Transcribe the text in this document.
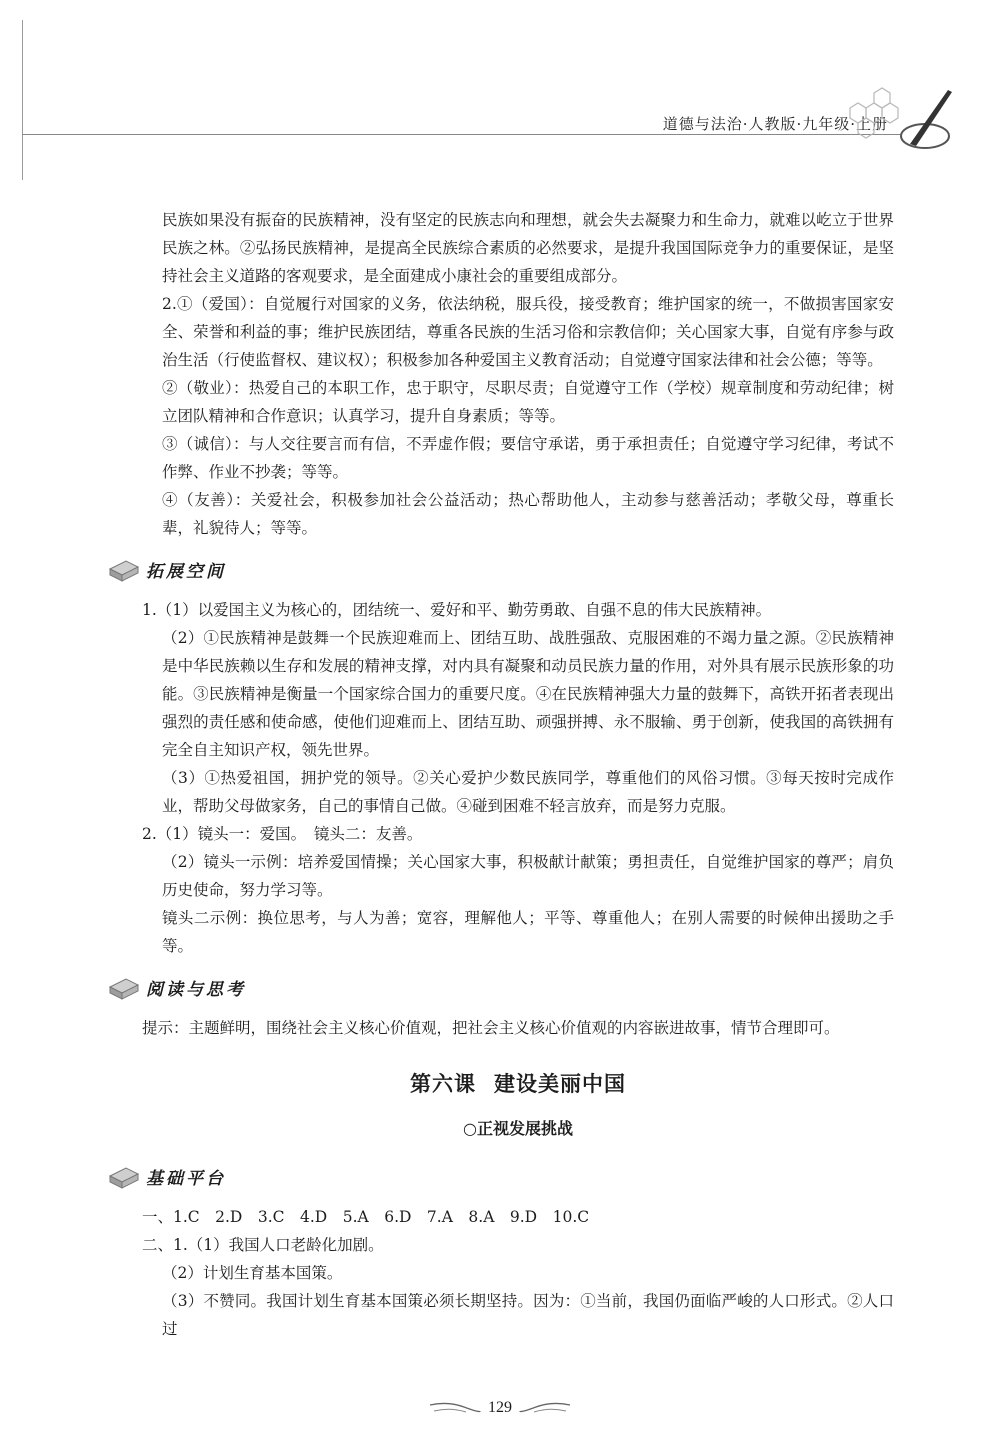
道德与法治·人教版·九年级·上册

民族如果没有振奋的民族精神，没有坚定的民族志向和理想，就会失去凝聚力和生命力，就难以屹立于世界民族之林。②弘扬民族精神，是提高全民族综合素质的必然要求，是提升我国国际竞争力的重要保证，是坚持社会主义道路的客观要求，是全面建成小康社会的重要组成部分。

2.①（爱国）：自觉履行对国家的义务，依法纳税，服兵役，接受教育；维护国家的统一，不做损害国家安全、荣誉和利益的事；维护民族团结，尊重各民族的生活习俗和宗教信仰；关心国家大事，自觉有序参与政治生活（行使监督权、建议权）；积极参加各种爱国主义教育活动；自觉遵守国家法律和社会公德；等等。

②（敬业）：热爱自己的本职工作，忠于职守，尽职尽责；自觉遵守工作（学校）规章制度和劳动纪律；树立团队精神和合作意识；认真学习，提升自身素质；等等。

③（诚信）：与人交往要言而有信，不弄虚作假；要信守承诺，勇于承担责任；自觉遵守学习纪律，考试不作弊、作业不抄袭；等等。

④（友善）：关爱社会，积极参加社会公益活动；热心帮助他人，主动参与慈善活动；孝敬父母，尊重长辈，礼貌待人；等等。

拓展空间

1.（1）以爱国主义为核心的，团结统一、爱好和平、勤劳勇敢、自强不息的伟大民族精神。

（2）①民族精神是鼓舞一个民族迎难而上、团结互助、战胜强敌、克服困难的不竭力量之源。②民族精神是中华民族赖以生存和发展的精神支撑，对内具有凝聚和动员民族力量的作用，对外具有展示民族形象的功能。③民族精神是衡量一个国家综合国力的重要尺度。④在民族精神强大力量的鼓舞下，高铁开拓者表现出强烈的责任感和使命感，使他们迎难而上、团结互助、顽强拼搏、永不服输、勇于创新，使我国的高铁拥有完全自主知识产权，领先世界。

（3）①热爱祖国，拥护党的领导。②关心爱护少数民族同学，尊重他们的风俗习惯。③每天按时完成作业，帮助父母做家务，自己的事情自己做。④碰到困难不轻言放弃，而是努力克服。

2.（1）镜头一：爱国。　镜头二：友善。

（2）镜头一示例：培养爱国情操；关心国家大事，积极献计献策；勇担责任，自觉维护国家的尊严；肩负历史使命，努力学习等。

镜头二示例：换位思考，与人为善；宽容，理解他人；平等、尊重他人；在别人需要的时候伸出援助之手等。

阅读与思考

提示：主题鲜明，围绕社会主义核心价值观，把社会主义核心价值观的内容嵌进故事，情节合理即可。

第六课 建设美丽中国
○正视发展挑战
基础平台

一、1.C　2.D　3.C　4.D　5.A　6.D　7.A　8.A　9.D　10.C

二、1.（1）我国人口老龄化加剧。

（2）计划生育基本国策。

（3）不赞同。我国计划生育基本国策必须长期坚持。因为：①当前，我国仍面临严峻的人口形式。②人口过

129
